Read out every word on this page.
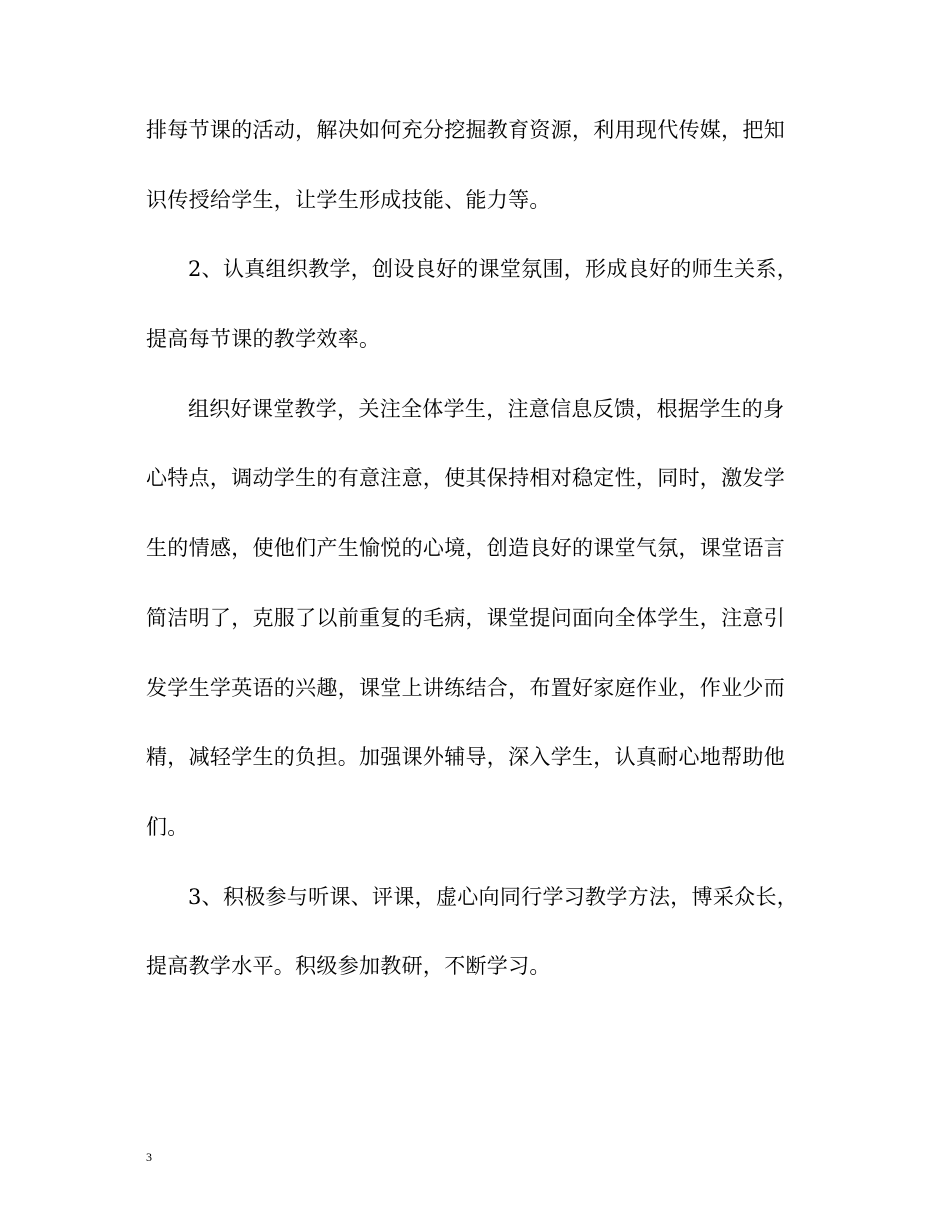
排每节课的活动，解决如何充分挖掘教育资源，利用现代传媒，把知

识传授给学生，让学生形成技能、能力等。

2、认真组织教学，创设良好的课堂氛围，形成良好的师生关系，

提高每节课的教学效率。

组织好课堂教学，关注全体学生，注意信息反馈，根据学生的身

心特点，调动学生的有意注意，使其保持相对稳定性，同时，激发学

生的情感，使他们产生愉悦的心境，创造良好的课堂气氛，课堂语言

简洁明了，克服了以前重复的毛病，课堂提问面向全体学生，注意引

发学生学英语的兴趣，课堂上讲练结合，布置好家庭作业，作业少而

精，减轻学生的负担。加强课外辅导，深入学生，认真耐心地帮助他

们。

3、积极参与听课、评课，虚心向同行学习教学方法，博采众长，

提高教学水平。积级参加教研，不断学习。

3
